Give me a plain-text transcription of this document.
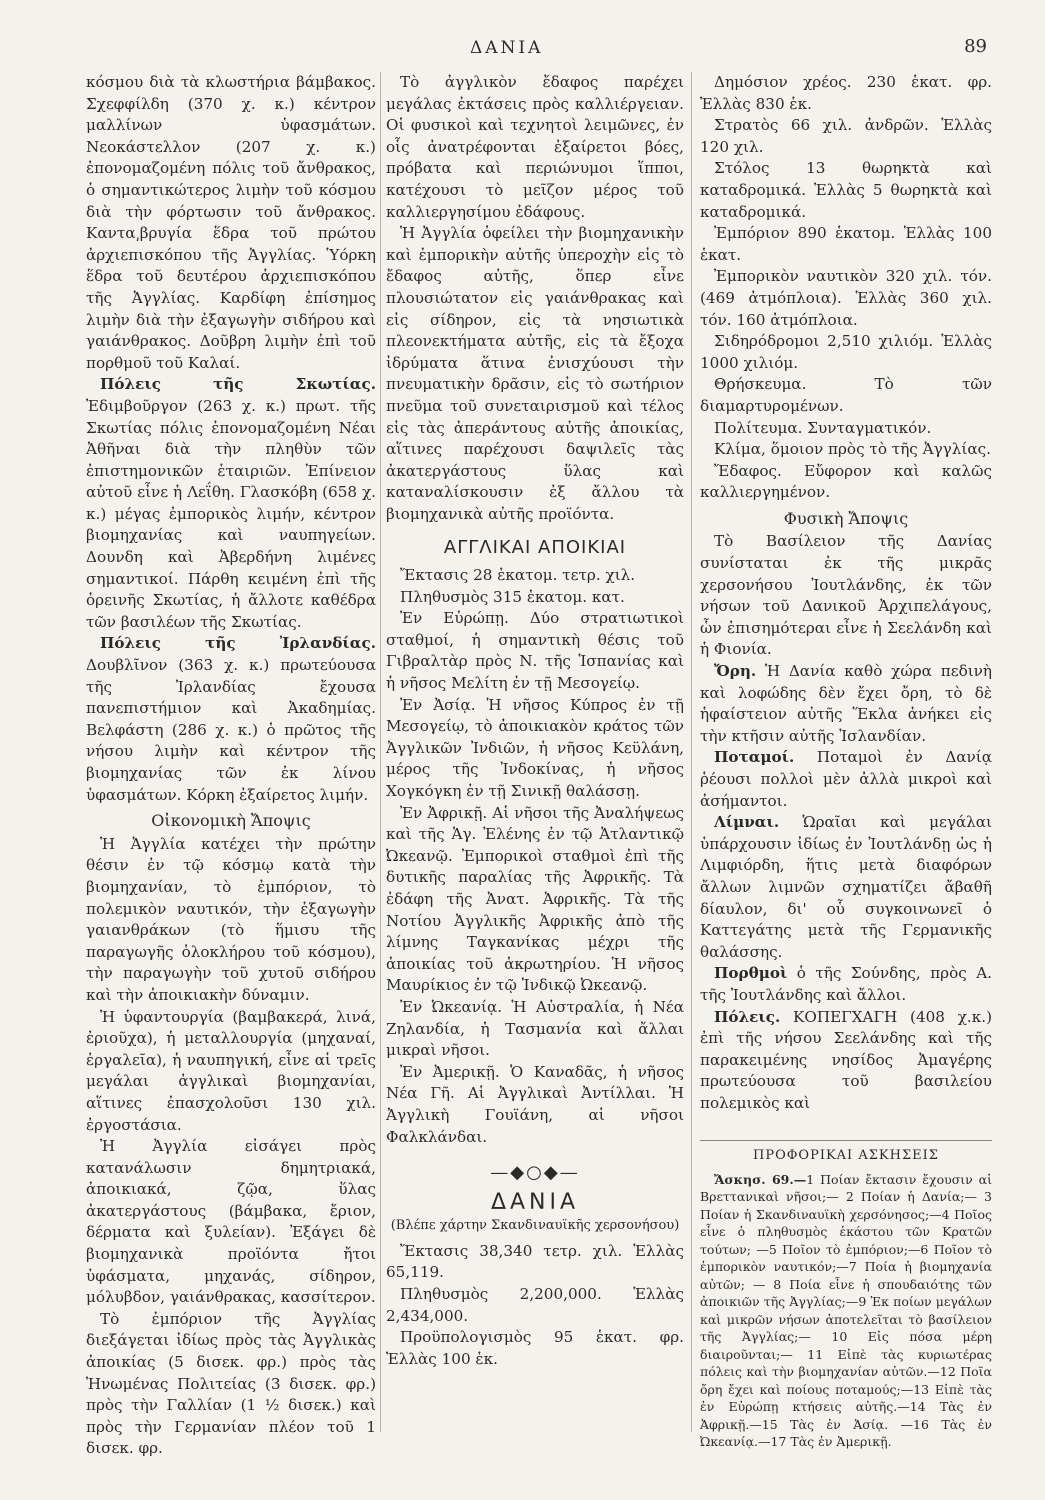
ΔΑΝΙΑ	89

κόσμου διὰ τὰ κλωστήρια βάμβακος. Σχεφφίλδη (370 χ. κ.) κέντρον μαλλίνων ὑφασμάτων. Νεοκάστελλον (207 χ. κ.) ἐπονομαζομένη πόλις τοῦ ἄνθρακος, ὁ σημαντικώτερος λιμὴν τοῦ κόσμου διὰ τὴν φόρτωσιν τοῦ ἄνθρακος. Καντα͵βρυγία ἕδρα τοῦ πρώτου ἀρχιεπισκόπου τῆς Ἀγγλίας. Ὑόρκη ἕδρα τοῦ δευτέρου ἀρχιεπισκόπου τῆς Ἀγγλίας. Καρδίφη ἐπίσημος λιμὴν διὰ τὴν ἐξαγωγὴν σιδήρου καὶ γαιάνθρακος. Δοῦβρη λιμὴν ἐπὶ τοῦ πορθμοῦ τοῦ Καλαί.

Πόλεις τῆς Σκωτίας. Ἐδιμβοῦργον (263 χ. κ.) πρωτ. τῆς Σκωτίας πόλις ἐπονομαζομένη Νέαι Ἀθῆναι διὰ τὴν πληθὺν τῶν ἐπιστημονικῶν ἑταιριῶν. Ἐπίνειον αὐτοῦ εἶνε ἡ Λεΐθη. Γλασκόβη (658 χ. κ.) μέγας ἐμπορικὸς λιμήν, κέντρον βιομηχανίας καὶ ναυπηγείων. Δουνδη καὶ Ἀβερδήνη λιμένες σημαντικοί. Πάρθη κειμένη ἐπὶ τῆς ὀρεινῆς Σκωτίας, ἡ ἄλλοτε καθέδρα τῶν βασιλέων τῆς Σκωτίας.

Πόλεις τῆς Ἰρλανδίας. Δουβλῖνον (363 χ. κ.) πρωτεύουσα τῆς Ἰρλανδίας ἔχουσα πανεπιστήμιον καὶ Ἀκαδημίας. Βελφάστη (286 χ. κ.) ὁ πρῶτος τῆς νήσου λιμὴν καὶ κέντρον τῆς βιομηχανίας τῶν ἐκ λίνου ὑφασμάτων. Κόρκη ἐξαίρετος λιμήν.

Οἰκονομικὴ Ἄποψις

Ἡ Ἀγγλία κατέχει τὴν πρώτην θέσιν ἐν τῷ κόσμῳ κατὰ τὴν βιομηχανίαν, τὸ ἐμπόριον, τὸ πολεμικὸν ναυτικόν, τὴν ἐξαγωγὴν γαιανθράκων (τὸ ἥμισυ τῆς παραγωγῆς ὁλοκλήρου τοῦ κόσμου), τὴν παραγωγὴν τοῦ χυτοῦ σιδήρου καὶ τὴν ἀποικιακὴν δύναμιν.

Ἡ ὑφαντουργία (βαμβακερά, λινά, ἐριοῦχα), ἡ μεταλλουργία (μηχαναί, ἐργαλεῖα), ἡ ναυπηγική, εἶνε αἱ τρεῖς μεγάλαι ἀγγλικαὶ βιομηχανίαι, αἵτινες ἐπασχολοῦσι 130 χιλ. ἐργοστάσια.

Ἡ Ἀγγλία εἰσάγει πρὸς κατανάλωσιν δημητριακά, ἀποικιακά, ζῷα, ὕλας ἀκατεργάστους (βάμβακα, ἔριον, δέρματα καὶ ξυλείαν). Ἐξάγει δὲ βιομηχανικὰ προϊόντα ἤτοι ὑφάσματα, μηχανάς, σίδηρον, μόλυβδον, γαιάνθρακας, κασσίτερον.

Τὸ ἐμπόριον τῆς Ἀγγλίας διεξάγεται ἰδίως πρὸς τὰς Ἀγγλικὰς ἀποικίας (5 δισεκ. φρ.) πρὸς τὰς Ἡνωμένας Πολιτείας (3 δισεκ. φρ.) πρὸς τὴν Γαλλίαν (1 ½ δισεκ.) καὶ πρὸς τὴν Γερμανίαν πλέον τοῦ 1 δισεκ. φρ.

Τὸ ἀγγλικὸν ἔδαφος παρέχει μεγάλας ἐκτάσεις πρὸς καλλιέργειαν. Οἱ φυσικοὶ καὶ τεχνητοὶ λειμῶνες, ἐν οἷς ἀνατρέφονται ἐξαίρετοι βόες, πρόβατα καὶ περιώνυμοι ἵπποι, κατέχουσι τὸ μεῖζον μέρος τοῦ καλλιεργησίμου ἐδάφους.

Ἡ Ἀγγλία ὀφείλει τὴν βιομηχανικὴν καὶ ἐμπορικὴν αὐτῆς ὑπεροχὴν εἰς τὸ ἔδαφος αὐτῆς, ὅπερ εἶνε πλουσιώτατον εἰς γαιάνθρακας καὶ εἰς σίδηρον, εἰς τὰ νησιωτικὰ πλεονεκτήματα αὐτῆς, εἰς τὰ ἔξοχα ἰδρύματα ἅτινα ἐνισχύουσι τὴν πνευματικὴν δρᾶσιν, εἰς τὸ σωτήριον πνεῦμα τοῦ συνεταιρισμοῦ καὶ τέλος εἰς τὰς ἀπεράντους αὐτῆς ἀποικίας, αἵτινες παρέχουσι δαψιλεῖς τὰς ἀκατεργάστους ὕλας καὶ καταναλίσκουσιν ἐξ ἄλλου τὰ βιομηχανικὰ αὐτῆς προϊόντα.

ΑΓΓΛΙΚΑΙ ΑΠΟΙΚΙΑΙ

Ἔκτασις 28 ἑκατομ. τετρ. χιλ.

Πληθυσμὸς 315 ἑκατομ. κατ.

Ἐν Εὐρώπῃ. Δύο στρατιωτικοὶ σταθμοί, ἡ σημαντικὴ θέσις τοῦ Γιβραλτὰρ πρὸς Ν. τῆς Ἱσπανίας καὶ ἡ νῆσος Μελίτη ἐν τῇ Μεσογείῳ.

Ἐν Ἀσίᾳ. Ἡ νῆσος Κύπρος ἐν τῇ Μεσογείῳ, τὸ ἀποικιακὸν κράτος τῶν Ἀγγλικῶν Ἰνδιῶν, ἡ νῆσος Κεϋλάνη, μέρος τῆς Ἰνδοκίνας, ἡ νῆσος Χογκόγκη ἐν τῇ Σινικῇ θαλάσσῃ.

Ἐν Ἀφρικῇ. Αἱ νῆσοι τῆς Ἀναλήψεως καὶ τῆς Ἁγ. Ἑλένης ἐν τῷ Ἀτλαντικῷ Ὠκεανῷ. Ἐμπορικοὶ σταθμοὶ ἐπὶ τῆς δυτικῆς παραλίας τῆς Ἀφρικῆς. Τὰ ἐδάφη τῆς Ἀνατ. Ἀφρικῆς. Τὰ τῆς Νοτίου Ἀγγλικῆς Ἀφρικῆς ἀπὸ τῆς λίμνης Ταγκανίκας μέχρι τῆς ἀποικίας τοῦ ἀκρωτηρίου. Ἡ νῆσος Μαυρίκιος ἐν τῷ Ἰνδικῷ Ὠκεανῷ.

Ἐν Ὠκεανίᾳ. Ἡ Αὐστραλία, ἡ Νέα Ζηλανδία, ἡ Τασμανία καὶ ἄλλαι μικραὶ νῆσοι.

Ἐν Ἀμερικῇ. Ὁ Καναδᾶς, ἡ νῆσος Νέα Γῆ. Αἱ Ἀγγλικαὶ Ἀντίλλαι. Ἡ Ἀγγλικὴ Γουϊάνη, αἱ νῆσοι Φαλκλάνδαι.

—◆○◆—

ΔΑΝΙΑ

(Βλέπε χάρτην Σκανδιναυϊκῆς χερσονήσου)

Ἔκτασις 38,340 τετρ. χιλ. Ἑλλὰς 65,119.

Πληθυσμὸς 2,200,000. Ἑλλὰς 2,434,000.

Προϋπολογισμὸς 95 ἑκατ. φρ. Ἑλλὰς 100 ἑκ.

Δημόσιον χρέος. 230 ἑκατ. φρ. Ἑλλὰς 830 ἑκ.

Στρατὸς 66 χιλ. ἀνδρῶν. Ἑλλὰς 120 χιλ.

Στόλος 13 θωρηκτὰ καὶ καταδρομικά. Ἑλλὰς 5 θωρηκτὰ καὶ καταδρομικά.

Ἐμπόριον 890 ἑκατομ. Ἑλλὰς 100 ἑκατ.

Ἐμπορικὸν ναυτικὸν 320 χιλ. τόν. (469 ἀτμόπλοια). Ἑλλὰς 360 χιλ. τόν. 160 ἀτμόπλοια.

Σιδηρόδρομοι 2,510 χιλιόμ. Ἑλλὰς 1000 χιλιόμ.

Θρήσκευμα. Τὸ τῶν διαμαρτυρομένων.

Πολίτευμα. Συνταγματικόν.

Κλίμα, ὅμοιον πρὸς τὸ τῆς Ἀγγλίας.

Ἔδαφος. Εὔφορον καὶ καλῶς καλλιεργημένον.

Φυσικὴ Ἄποψις

Τὸ Βασίλειον τῆς Δανίας συνίσταται ἐκ τῆς μικρᾶς χερσονήσου Ἰουτλάνδης, ἐκ τῶν νήσων τοῦ Δανικοῦ Ἀρχιπελάγους, ὧν ἐπισημότεραι εἶνε ἡ Σεελάνδη καὶ ἡ Φιονία.

Ὄρη. Ἡ Δανία καθὸ χώρα πεδινὴ καὶ λοφώδης δὲν ἔχει ὄρη, τὸ δὲ ἡφαίστειον αὐτῆς Ἕκλα ἀνήκει εἰς τὴν κτῆσιν αὐτῆς Ἰσλανδίαν.

Ποταμοί. Ποταμοὶ ἐν Δανίᾳ ῥέουσι πολλοὶ μὲν ἀλλὰ μικροὶ καὶ ἀσήμαντοι.

Λίμναι. Ὡραῖαι καὶ μεγάλαι ὑπάρχουσιν ἰδίως ἐν Ἰουτλάνδῃ ὡς ἡ Λιμφιόρδη, ἥτις μετὰ διαφόρων ἄλλων λιμνῶν σχηματίζει ἄβαθῆ δίαυλον, δι' οὗ συγκοινωνεῖ ὁ Καττεγάτης μετὰ τῆς Γερμανικῆς θαλάσσης.

Πορθμοὶ ὁ τῆς Σούνδης, πρὸς Α. τῆς Ἰουτλάνδης καὶ ἄλλοι.

Πόλεις. ΚΟΠΕΓΧΑΓΗ (408 χ.κ.) ἐπὶ τῆς νήσου Σεελάνδης καὶ τῆς παρακειμένης νησίδος Ἀμαγέρης πρωτεύουσα τοῦ βασιλείου πολεμικὸς καὶ

ΠΡΟΦΟΡΙΚΑΙ ΑΣΚΗΣΕΙΣ

Ἄσκησ. 69.—1 Ποίαν ἔκτασιν ἔχουσιν αἱ Βρεττανικαὶ νῆσοι;— 2 Ποίαν ἡ Δανία;— 3 Ποίαν ἡ Σκανδιναυϊκὴ χερσόνησος;—4 Ποῖος εἶνε ὁ πληθυσμὸς ἑκάστου τῶν Κρατῶν τούτων; —5 Ποῖον τὸ ἐμπόριον;—6 Ποῖον τὸ ἐμπορικὸν ναυτικόν;—7 Ποία ἡ βιομηχανία αὐτῶν; — 8 Ποία εἶνε ἡ σπουδαιότης τῶν ἀποικιῶν τῆς Ἀγγλίας;—9 Ἐκ ποίων μεγάλων καὶ μικρῶν νήσων ἀποτελεῖται τὸ βασίλειον τῆς Ἀγγλίας;— 10 Εἰς πόσα μέρη διαιροῦνται;— 11 Εἰπὲ τὰς κυριωτέρας πόλεις καὶ τὴν βιομηχανίαν αὐτῶν.—12 Ποῖα ὄρη ἔχει καὶ ποίους ποταμούς;—13 Εἰπὲ τὰς ἐν Εὐρώπῃ κτήσεις αὐτῆς.—14 Τὰς ἐν Ἀφρικῇ.—15 Τὰς ἐν Ἀσίᾳ. —16 Τὰς ἐν Ὠκεανίᾳ.—17 Τὰς ἐν Ἀμερικῇ.
